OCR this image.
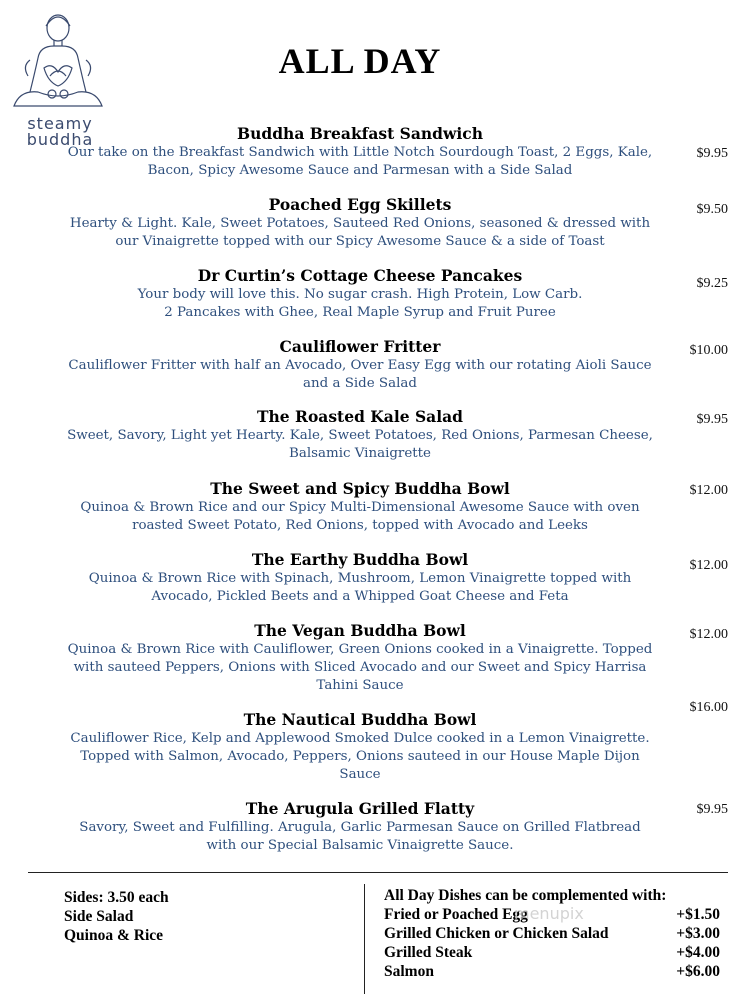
steamy
buddha
ALL DAY

Buddha Breakfast Sandwich

Our take on the Breakfast Sandwich with Little Notch Sourdough Toast, 2 Eggs, Kale,

Bacon, Spicy Awesome Sauce and Parmesan with a Side Salad

$9.95

Poached Egg Skillets

Hearty & Light. Kale, Sweet Potatoes, Sauteed Red Onions, seasoned & dressed with

our Vinaigrette topped with our Spicy Awesome Sauce & a side of Toast

$9.50

Dr Curtin’s Cottage Cheese Pancakes

Your body will love this. No sugar crash. High Protein, Low Carb.

2 Pancakes with Ghee, Real Maple Syrup and Fruit Puree

$9.25

Cauliflower Fritter

Cauliflower Fritter with half an Avocado, Over Easy Egg with our rotating Aioli Sauce

and a Side Salad

$10.00

The Roasted Kale Salad

Sweet, Savory, Light yet Hearty. Kale, Sweet Potatoes, Red Onions, Parmesan Cheese,

Balsamic Vinaigrette

$9.95

The Sweet and Spicy Buddha Bowl

Quinoa & Brown Rice and our Spicy Multi-Dimensional Awesome Sauce with oven

roasted Sweet Potato, Red Onions, topped with Avocado and Leeks

$12.00

The Earthy Buddha Bowl

Quinoa & Brown Rice with Spinach, Mushroom, Lemon Vinaigrette topped with

Avocado, Pickled Beets and a Whipped Goat Cheese and Feta

$12.00

The Vegan Buddha Bowl

Quinoa & Brown Rice with Cauliflower, Green Onions cooked in a Vinaigrette. Topped

with sauteed Peppers, Onions with Sliced Avocado and our Sweet and Spicy Harrisa

Tahini Sauce

$12.00

The Nautical Buddha Bowl

Cauliflower Rice, Kelp and Applewood Smoked Dulce cooked in a Lemon Vinaigrette.

Topped with Salmon, Avocado, Peppers, Onions sauteed in our House Maple Dijon

Sauce

$16.00

The Arugula Grilled Flatty

Savory, Sweet and Fulfilling. Arugula, Garlic Parmesan Sauce on Grilled Flatbread

with our Special Balsamic Vinaigrette Sauce.

$9.95
Sides: 3.50 each
Side Salad
Quinoa & Rice
All Day Dishes can be complemented with:
Fried or Poached Egg	+$1.50
Grilled Chicken or Chicken Salad	+$3.00
Grilled Steak	+$4.00
Salmon	+$6.00
menupix
